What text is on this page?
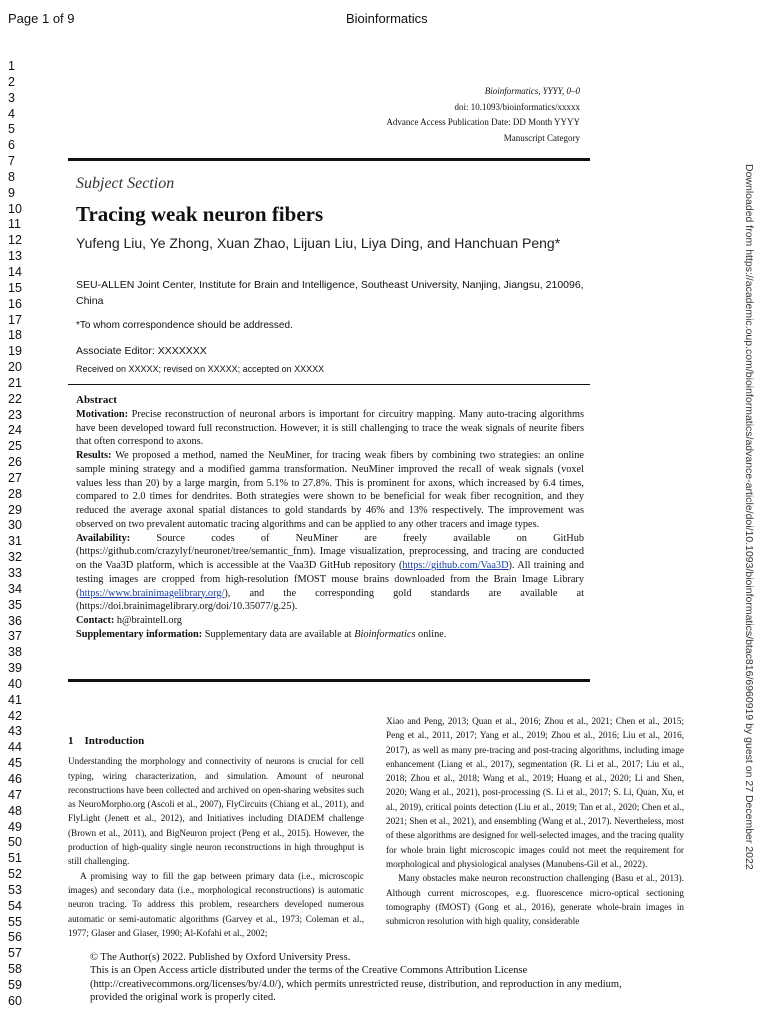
Page 1 of 9	Bioinformatics
1
2
3
4
5
6
7
8
9
10
11
12
13
14
15
16
17
18
19
20
21
22
23
24
25
26
27
28
29
30
31
32
33
34
35
36
37
38
39
40
41
42
43
44
45
46
47
48
49
50
51
52
53
54
55
56
57
58
59
60
Bioinformatics, YYYY, 0–0
doi: 10.1093/bioinformatics/xxxxx
Advance Access Publication Date: DD Month YYYY
Manuscript Category
Subject Section
Tracing weak neuron fibers
Yufeng Liu, Ye Zhong, Xuan Zhao, Lijuan Liu, Liya Ding, and Hanchuan Peng*
SEU-ALLEN Joint Center, Institute for Brain and Intelligence, Southeast University, Nanjing, Jiangsu, 210096, China
*To whom correspondence should be addressed.
Associate Editor: XXXXXXX
Received on XXXXX; revised on XXXXX; accepted on XXXXX
Abstract

Motivation: Precise reconstruction of neuronal arbors is important for circuitry mapping. Many auto-tracing algorithms have been developed toward full reconstruction. However, it is still challenging to trace the weak signals of neurite fibers that often correspond to axons.

Results: We proposed a method, named the NeuMiner, for tracing weak fibers by combining two strategies: an online sample mining strategy and a modified gamma transformation. NeuMiner improved the recall of weak signals (voxel values less than 20) by a large margin, from 5.1% to 27.8%. This is prominent for axons, which increased by 6.4 times, compared to 2.0 times for dendrites. Both strategies were shown to be beneficial for weak fiber recognition, and they reduced the average axonal spatial distances to gold standards by 46% and 13% respectively. The improvement was observed on two prevalent automatic tracing algorithms and can be applied to any other tracers and image types.

Availability:	Source codes of NeuMiner are freely available on GitHub (https://github.com/crazylyf/neuronet/tree/semantic_fnm). Image visualization, preprocessing, and tracing are conducted on the Vaa3D platform, which is accessible at the Vaa3D GitHub repository (https://github.com/Vaa3D). All training and testing images are cropped from high-resolution fMOST mouse brains downloaded from the Brain Image Library (https://www.brainimagelibrary.org/), and the corresponding gold standards are available at (https://doi.brainimagelibrary.org/doi/10.35077/g.25).

Contact: h@braintell.org

Supplementary information: Supplementary data are available at Bioinformatics online.

1 Introduction

Understanding the morphology and connectivity of neurons is crucial for cell typing, wiring characterization, and simulation. Amount of neuronal reconstructions have been collected and archived on open-sharing websites such as NeuroMorpho.org (Ascoli et al., 2007), FlyCircuits (Chiang et al., 2011), and FlyLight (Jenett et al., 2012), and Initiatives including DIADEM challenge (Brown et al., 2011), and BigNeuron project (Peng et al., 2015). However, the production of high-quality single neuron reconstructions in high throughput is still challenging.

A promising way to fill the gap between primary data (i.e., microscopic images) and secondary data (i.e., morphological reconstructions) is automatic neuron tracing. To address this problem, researchers developed numerous automatic or semi-automatic algorithms (Garvey et al., 1973; Coleman et al., 1977; Glaser and Glaser, 1990; Al-Kofahi et al., 2002;

Xiao and Peng, 2013; Quan et al., 2016; Zhou et al., 2021; Chen et al., 2015; Peng et al., 2011, 2017; Yang et al., 2019; Zhou et al., 2016; Liu et al., 2016, 2017), as well as many pre-tracing and post-tracing algorithms, including image enhancement (Liang et al., 2017), segmentation (R. Li et al., 2017; Liu et al., 2018; Zhou et al., 2018; Wang et al., 2019; Huang et al., 2020; Li and Shen, 2020; Wang et al., 2021), post-processing (S. Li et al., 2017; S. Li, Quan, Xu, et al., 2019), critical points detection (Liu et al., 2019; Tan et al., 2020; Chen et al., 2021; Shen et al., 2021), and ensembling (Wang et al., 2017). Nevertheless, most of these algorithms are designed for well-selected images, and the tracing quality for whole brain light microscopic images could not meet the requirement for morphological and physiological analyses (Manubens-Gil et al., 2022).

Many obstacles make neuron reconstruction challenging (Basu et al., 2013). Although current microscopes, e.g. fluorescence micro-optical sectioning tomography (fMOST) (Gong et al., 2016), generate whole-brain images in submicron resolution with high quality, considerable

© The Author(s) 2022. Published by Oxford University Press.
This is an Open Access article distributed under the terms of the Creative Commons Attribution License
(http://creativecommons.org/licenses/by/4.0/), which permits unrestricted reuse, distribution, and reproduction in any medium,
provided the original work is properly cited.
Downloaded from https://academic.oup.com/bioinformatics/advance-article/doi/10.1093/bioinformatics/btac816/6960919 by guest on 27 December 2022
